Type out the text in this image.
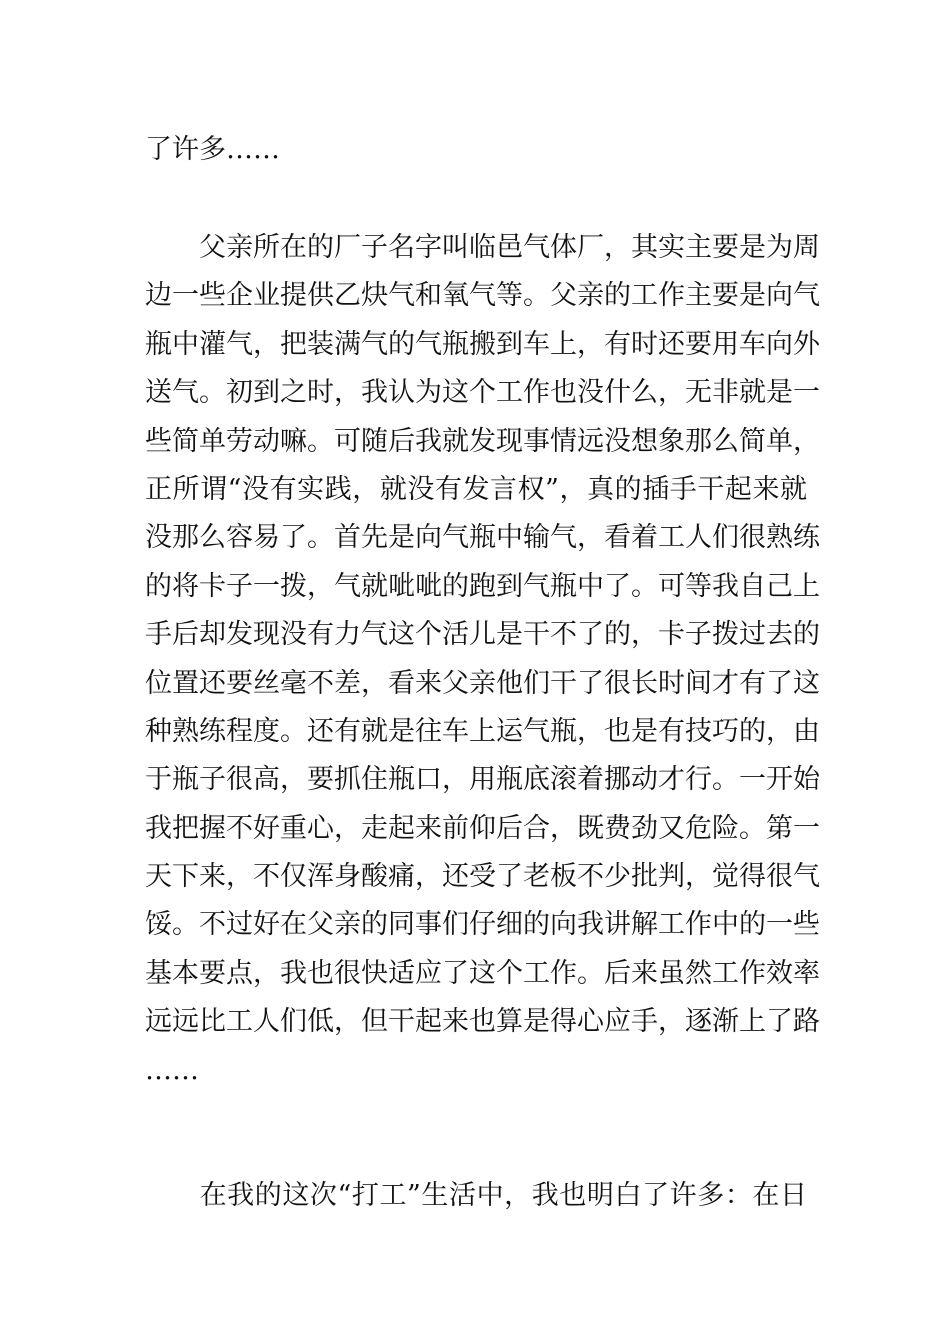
了许多……
父亲所在的厂子名字叫临邑气体厂，其实主要是为周
边一些企业提供乙炔气和氧气等。父亲的工作主要是向气
瓶中灌气，把装满气的气瓶搬到车上，有时还要用车向外
送气。初到之时，我认为这个工作也没什么，无非就是一
些简单劳动嘛。可随后我就发现事情远没想象那么简单，
正所谓“没有实践，就没有发言权”，真的插手干起来就
没那么容易了。首先是向气瓶中输气，看着工人们很熟练
的将卡子一拨，气就呲呲的跑到气瓶中了。可等我自己上
手后却发现没有力气这个活儿是干不了的，卡子拨过去的
位置还要丝毫不差，看来父亲他们干了很长时间才有了这
种熟练程度。还有就是往车上运气瓶，也是有技巧的，由
于瓶子很高，要抓住瓶口，用瓶底滚着挪动才行。一开始
我把握不好重心，走起来前仰后合，既费劲又危险。第一
天下来，不仅浑身酸痛，还受了老板不少批判，觉得很气
馁。不过好在父亲的同事们仔细的向我讲解工作中的一些
基本要点，我也很快适应了这个工作。后来虽然工作效率
远远比工人们低，但干起来也算是得心应手，逐渐上了路
……
在我的这次“打工”生活中，我也明白了许多：在日
